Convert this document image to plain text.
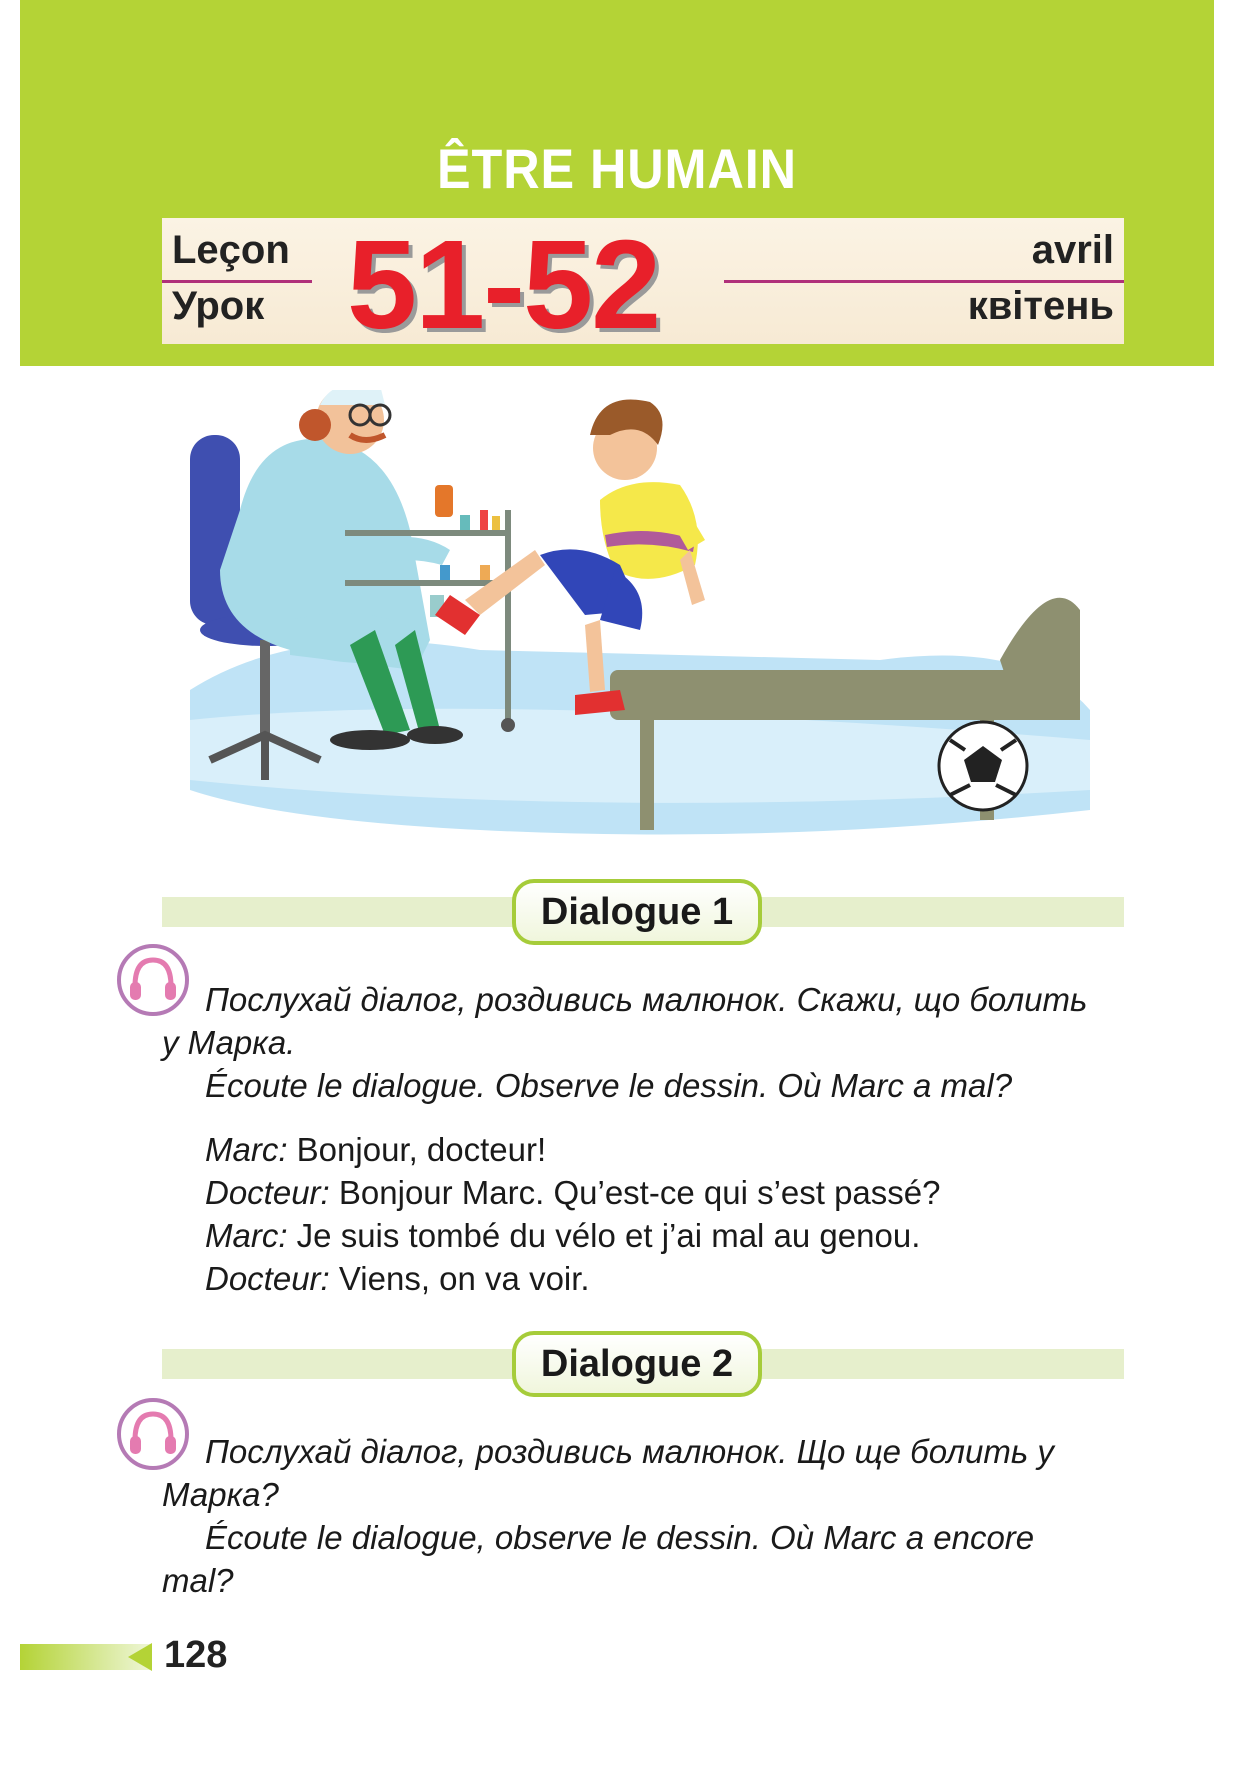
ÊTRE HUMAIN
Leçon
Урок 51-52	avril
квітень
Dialogue 1
Послухай діалог, роздивись малюнок. Скажи, що болить
у Марка.
Écoute le dialogue. Observe le dessin. Où Marc a mal?
Marc: Bonjour, docteur!
Docteur: Bonjour Marc. Qu’est-ce qui s’est passé?
Marc: Je suis tombé du vélo et j’ai mal au genou.
Docteur: Viens, on va voir.
Dialogue 2
Послухай діалог, роздивись малюнок. Що ще болить у
Марка?
Écoute le dialogue, observe le dessin. Où Marc a encore
mal?
128
